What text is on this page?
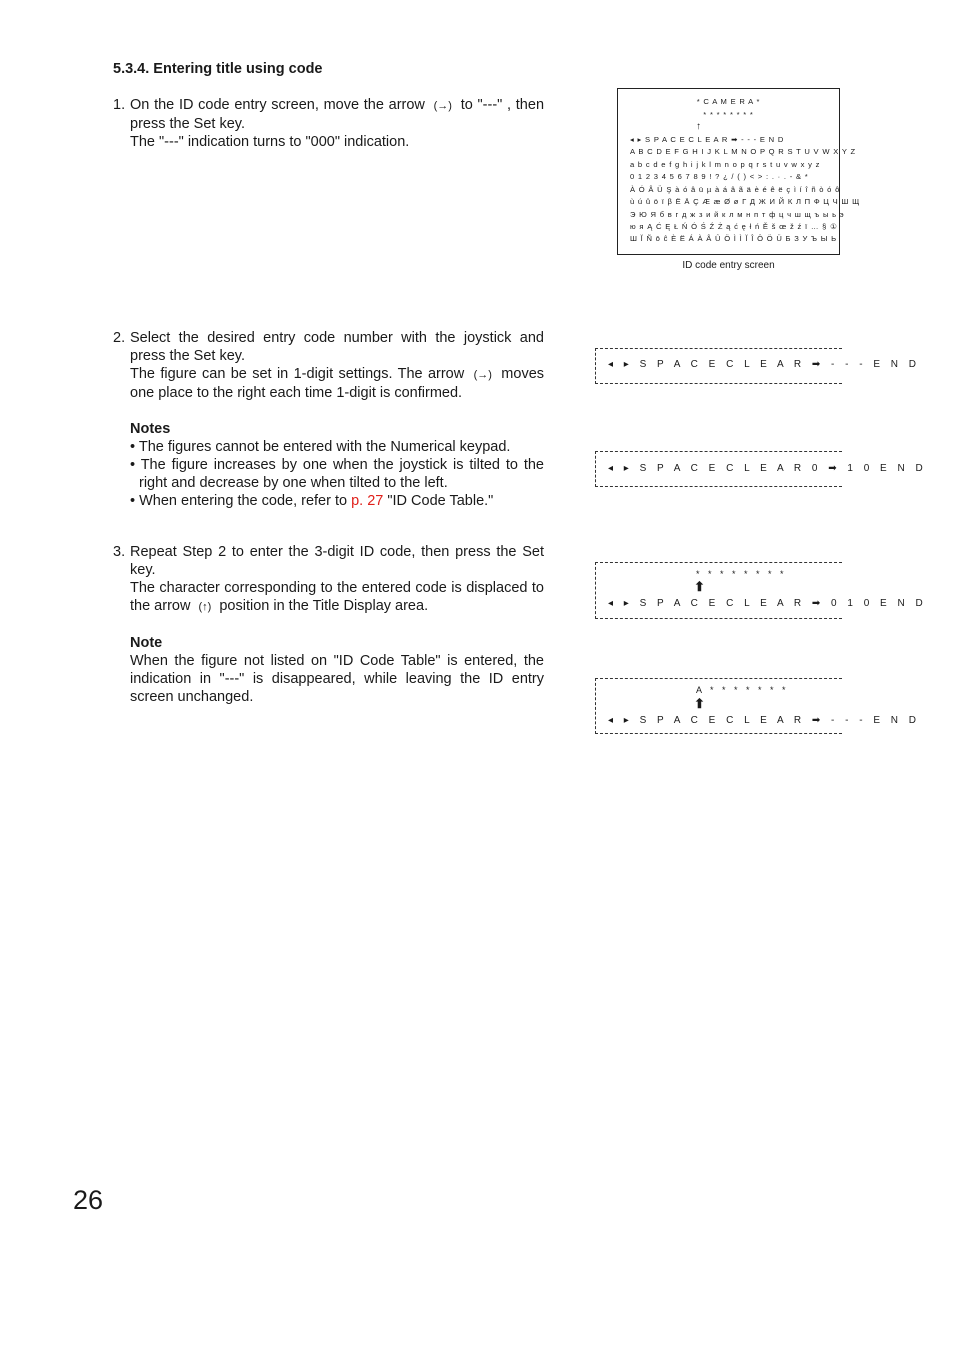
5.3.4. Entering title using code
1. On the ID code entry screen, move the arrow (→) to "---" , then press the Set key.

The "---" indication turns to "000" indication.

* C A M E R A *
* * * * * * * *
↑
◂ ▸ S P A C E C L E A R ➡ - - - E N D
A B C D E F G H I J K L M N O P Q R S T U V W X Y Z
a b c d e f g h i j k l m n o p q r s t u v w x y z
0 1 2 3 4 5 6 7 8 9 ! ? ¿ / ( ) < > : . · . - & *
À Ó Â Ü Ş à ó â ü µ à á â ã ä è é ê ë ç ì í î ñ ò ó ô
ù ú û ö ï β Ë Ä Ç Æ æ Ø ø Г Д Ж И Й К Л П Ф Ц Ч Ш Щ
Э Ю Я б в г д ж з и й к л м н п т ф ц ч ш щ ъ ы ь э
ю я Ą Ć Ę Ł Ń Ó Ś Ź Ż ą ć ę ł ń Ě š œ ž ź ï … § ①
Ш Ĭ Ñ ō ĉ È Ë Á À Â Û Ö Ì Ì Ĭ Î Ô Ö Ü Б З У Ъ Ы Ь
ID code entry screen
2. Select the desired entry code number with the joystick and press the Set key.

The figure can be set in 1-digit settings. The arrow (→) moves one place to the right each time 1-digit is confirmed.

Notes

• The figures cannot be entered with the Numerical keypad.

• The figure increases by one when the joystick is tilted to the right and decrease by one when tilted to the left.

• When entering the code, refer to p. 27 "ID Code Table."

3. Repeat Step 2 to enter the 3-digit ID code, then press the Set key.

The character corresponding to the entered code is displaced to the arrow (↑) position in the Title Display area.

Note

When the figure not listed on "ID Code Table" is entered, the indication in "---" is disappeared, while leaving the ID entry screen unchanged.

◂ ▸ S P A C E C L E A R ➡ - - - E N D
◂ ▸ S P A C E C L E A R 0 ➡ 1 0 E N D
* * * * * * * *
⬆
◂ ▸ S P A C E C L E A R ➡ 0 1 0 E N D
A * * * * * * *
⬆
◂ ▸ S P A C E C L E A R ➡ - - - E N D
26
